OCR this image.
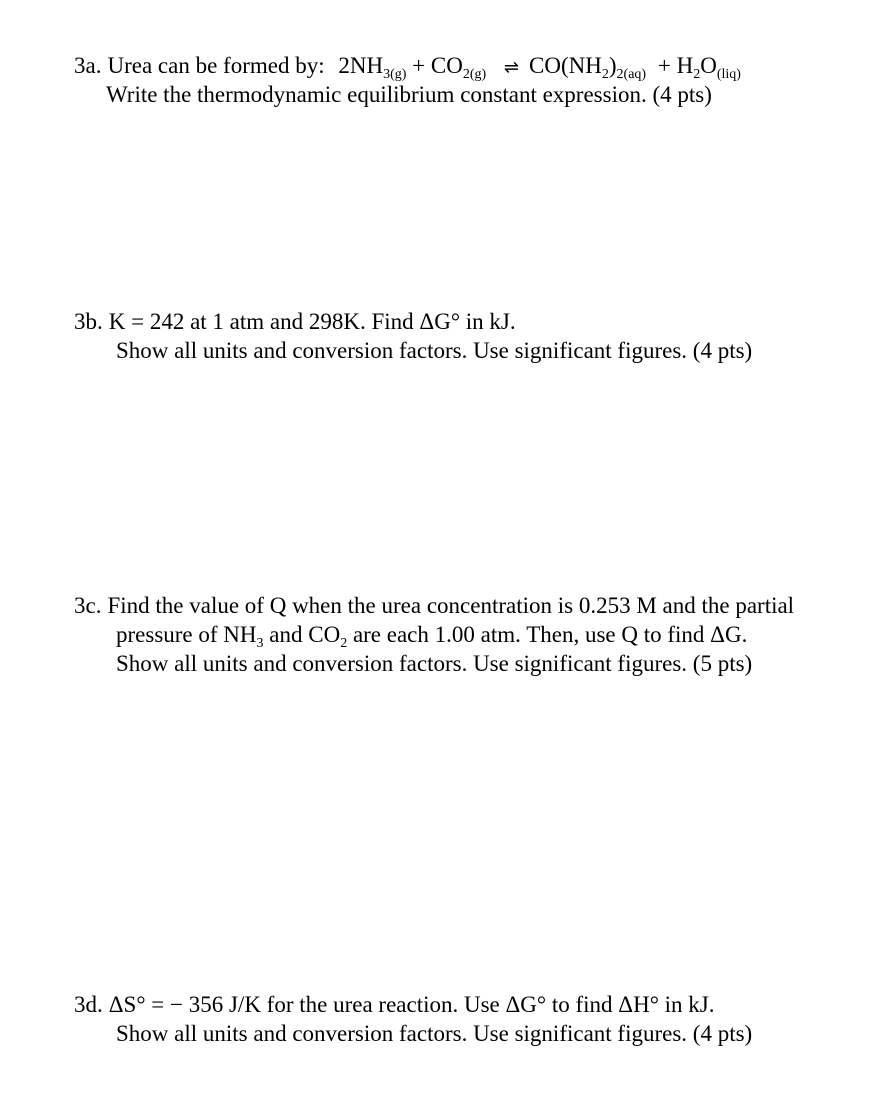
3a. Urea can be formed by: $2NH_{3(g)} + CO_{2(g)}$ ⇌ $CO(NH_2)_{2(aq)} + H_2O_{(liq)}$
Write the thermodynamic equilibrium constant expression. (4 pts)
3b. K = 242 at 1 atm and 298K. Find ΔG° in kJ.
Show all units and conversion factors. Use significant figures. (4 pts)
3c. Find the value of Q when the urea concentration is 0.253 M and the partial
pressure of $NH_3$ and $CO_2$ are each 1.00 atm. Then, use Q to find ΔG.
Show all units and conversion factors. Use significant figures. (5 pts)
3d. ΔS° = − 356 J/K for the urea reaction. Use ΔG° to find ΔH° in kJ.
Show all units and conversion factors. Use significant figures. (4 pts)
